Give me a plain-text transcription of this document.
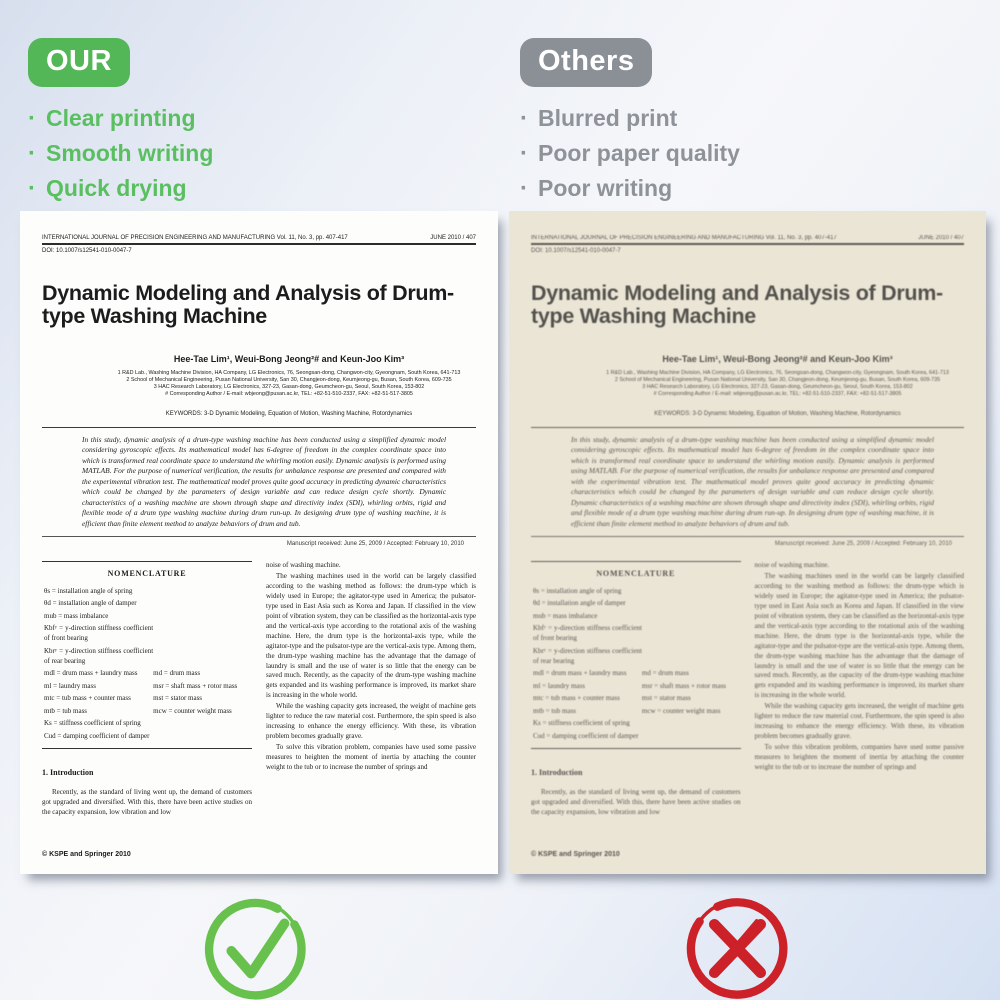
OUR
· Clear printing
· Smooth writing
· Quick drying
Others
· Blurred print
· Poor paper quality
· Poor writing
INTERNATIONAL JOURNAL OF PRECISION ENGINEERING AND MANUFACTURING Vol. 11, No. 3, pp. 407-417	JUNE 2010 / 407
DOI: 10.1007/s12541-010-0047-7
Dynamic Modeling and Analysis of Drum-type Washing Machine
Hee-Tae Lim¹, Weui-Bong Jeong²# and Keun-Joo Kim³
1 R&D Lab., Washing Machine Division, HA Company, LG Electronics, 76, Seongsan-dong, Changwon-city, Gyeongnam, South Korea, 641-713
2 School of Mechanical Engineering, Pusan National University, San 30, Changjeon-dong, Keumjeong-gu, Busan, South Korea, 609-735
3 HAC Research Laboratory, LG Electronics, 327-23, Gasan-dong, Geumcheon-gu, Seoul, South Korea, 153-802
# Corresponding Author / E-mail: wbjeong@pusan.ac.kr, TEL: +82-51-510-2337, FAX: +82-51-517-3805
KEYWORDS: 3-D Dynamic Modeling, Equation of Motion, Washing Machine, Rotordynamics

In this study, dynamic analysis of a drum-type washing machine has been conducted using a simplified dynamic model considering gyroscopic effects. Its mathematical model has 6-degree of freedom in the complex coordinate space into which is transformed real coordinate space to understand the whirling motion easily. Dynamic analysis is performed using MATLAB. For the purpose of numerical verification, the results for unbalance response are presented and compared with the experimental vibration test. The mathematical model proves quite good accuracy in predicting dynamic characteristics which could be changed by the parameters of design variable and can reduce design cycle shortly. Dynamic characteristics of a washing machine are shown through shape and directivity index (SDI), whirling orbits, rigid and flexible mode of a drum type washing machine during drum run-up. In designing drum type of washing machine, it is efficient than finite element method to analyze behaviors of drum and tub.

Manuscript received: June 25, 2009 / Accepted: February 10, 2010
NOMENCLATURE
θs = installation angle of spring
θd = installation angle of damper
mub = mass imbalance
Kbfʸ = y-direction stiffness coefficient of front bearing
Kbrʸ = y-direction stiffness coefficient of rear bearing
mdl = drum mass + laundry mass	md = drum mass
ml = laundry mass	msr = shaft mass + rotor mass
mtc = tub mass + counter mass	mst = stator mass
mtb = tub mass	mcw = counter weight mass
Ks = stiffness coefficient of spring
Cud = damping coefficient of damper
1. Introduction

Recently, as the standard of living went up, the demand of customers got upgraded and diversified. With this, there have been active studies on the capacity expansion, low vibration and low

© KSPE and Springer 2010

noise of washing machine.

The washing machines used in the world can be largely classified according to the washing method as follows: the drum-type which is widely used in Europe; the agitator-type used in America; the pulsator-type used in East Asia such as Korea and Japan. If classified in the view point of vibration system, they can be classified as the horizontal-axis type and the vertical-axis type according to the rotational axis of the washing machine. Here, the drum type is the horizontal-axis type, while the agitator-type and the pulsator-type are the vertical-axis type. Among them, the drum-type washing machine has the advantage that the damage of laundry is small and the use of water is so little that the energy can be saved much. Recently, as the capacity of the drum-type washing machine gets expanded and its washing performance is improved, its market share is increasing in the whole world.

While the washing capacity gets increased, the weight of machine gets lighter to reduce the raw material cost. Furthermore, the spin speed is also increasing to enhance the energy efficiency. With these, its vibration problem becomes gradually grave.

To solve this vibration problem, companies have used some passive measures to heighten the moment of inertia by attaching the counter weight to the tub or to increase the number of springs and

INTERNATIONAL JOURNAL OF PRECISION ENGINEERING AND MANUFACTURING Vol. 11, No. 3, pp. 407-417	JUNE 2010 / 407
DOI: 10.1007/s12541-010-0047-7
Dynamic Modeling and Analysis of Drum-type Washing Machine
Hee-Tae Lim¹, Weui-Bong Jeong²# and Keun-Joo Kim³
1 R&D Lab., Washing Machine Division, HA Company, LG Electronics, 76, Seongsan-dong, Changwon-city, Gyeongnam, South Korea, 641-713
2 School of Mechanical Engineering, Pusan National University, San 30, Changjeon-dong, Keumjeong-gu, Busan, South Korea, 609-735
3 HAC Research Laboratory, LG Electronics, 327-23, Gasan-dong, Geumcheon-gu, Seoul, South Korea, 153-802
# Corresponding Author / E-mail: wbjeong@pusan.ac.kr, TEL: +82-51-510-2337, FAX: +82-51-517-3805
KEYWORDS: 3-D Dynamic Modeling, Equation of Motion, Washing Machine, Rotordynamics

In this study, dynamic analysis of a drum-type washing machine has been conducted using a simplified dynamic model considering gyroscopic effects. Its mathematical model has 6-degree of freedom in the complex coordinate space into which is transformed real coordinate space to understand the whirling motion easily. Dynamic analysis is performed using MATLAB. For the purpose of numerical verification, the results for unbalance response are presented and compared with the experimental vibration test. The mathematical model proves quite good accuracy in predicting dynamic characteristics which could be changed by the parameters of design variable and can reduce design cycle shortly. Dynamic characteristics of a washing machine are shown through shape and directivity index (SDI), whirling orbits, rigid and flexible mode of a drum type washing machine during drum run-up. In designing drum type of washing machine, it is efficient than finite element method to analyze behaviors of drum and tub.

Manuscript received: June 25, 2009 / Accepted: February 10, 2010
NOMENCLATURE
θs = installation angle of spring
θd = installation angle of damper
mub = mass imbalance
Kbfʸ = y-direction stiffness coefficient of front bearing
Kbrʸ = y-direction stiffness coefficient of rear bearing
mdl = drum mass + laundry mass	md = drum mass
ml = laundry mass	msr = shaft mass + rotor mass
mtc = tub mass + counter mass	mst = stator mass
mtb = tub mass	mcw = counter weight mass
Ks = stiffness coefficient of spring
Cud = damping coefficient of damper
1. Introduction

Recently, as the standard of living went up, the demand of customers got upgraded and diversified. With this, there have been active studies on the capacity expansion, low vibration and low

© KSPE and Springer 2010

noise of washing machine.

The washing machines used in the world can be largely classified according to the washing method as follows: the drum-type which is widely used in Europe; the agitator-type used in America; the pulsator-type used in East Asia such as Korea and Japan. If classified in the view point of vibration system, they can be classified as the horizontal-axis type and the vertical-axis type according to the rotational axis of the washing machine. Here, the drum type is the horizontal-axis type, while the agitator-type and the pulsator-type are the vertical-axis type. Among them, the drum-type washing machine has the advantage that the damage of laundry is small and the use of water is so little that the energy can be saved much. Recently, as the capacity of the drum-type washing machine gets expanded and its washing performance is improved, its market share is increasing in the whole world.

While the washing capacity gets increased, the weight of machine gets lighter to reduce the raw material cost. Furthermore, the spin speed is also increasing to enhance the energy efficiency. With these, its vibration problem becomes gradually grave.

To solve this vibration problem, companies have used some passive measures to heighten the moment of inertia by attaching the counter weight to the tub or to increase the number of springs and
